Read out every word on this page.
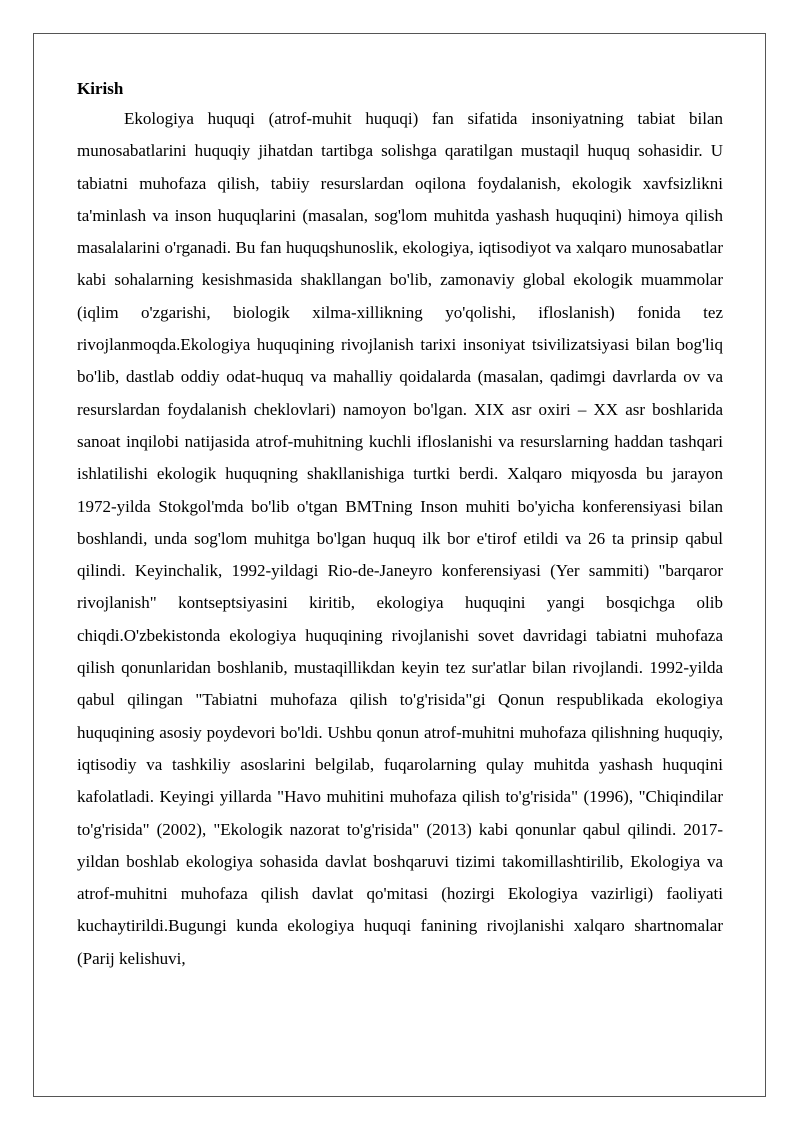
Kirish

Ekologiya huquqi (atrof-muhit huquqi) fan sifatida insoniyatning tabiat bilan munosabatlarini huquqiy jihatdan tartibga solishga qaratilgan mustaqil huquq sohasidir. U tabiatni muhofaza qilish, tabiiy resurslardan oqilona foydalanish, ekologik xavfsizlikni ta'minlash va inson huquqlarini (masalan, sog'lom muhitda yashash huquqini) himoya qilish masalalarini o'rganadi. Bu fan huquqshunoslik, ekologiya, iqtisodiyot va xalqaro munosabatlar kabi sohalarning kesishmasida shakllangan bo'lib, zamonaviy global ekologik muammolar (iqlim o'zgarishi, biologik xilma-xillikning yo'qolishi, ifloslanish) fonida tez rivojlanmoqda.Ekologiya huquqining rivojlanish tarixi insoniyat tsivilizatsiyasi bilan bog'liq bo'lib, dastlab oddiy odat-huquq va mahalliy qoidalarda (masalan, qadimgi davrlarda ov va resurslardan foydalanish cheklovlari) namoyon bo'lgan. XIX asr oxiri – XX asr boshlarida sanoat inqilobi natijasida atrof-muhitning kuchli ifloslanishi va resurslarning haddan tashqari ishlatilishi ekologik huquqning shakllanishiga turtki berdi. Xalqaro miqyosda bu jarayon 1972-yilda Stokgol'mda bo'lib o'tgan BMTning Inson muhiti bo'yicha konferensiyasi bilan boshlandi, unda sog'lom muhitga bo'lgan huquq ilk bor e'tirof etildi va 26 ta prinsip qabul qilindi. Keyinchalik, 1992-yildagi Rio-de-Janeyro konferensiyasi (Yer sammiti) "barqaror rivojlanish" kontseptsiyasini kiritib, ekologiya huquqini yangi bosqichga olib chiqdi.O'zbekistonda ekologiya huquqining rivojlanishi sovet davridagi tabiatni muhofaza qilish qonunlaridan boshlanib, mustaqillikdan keyin tez sur'atlar bilan rivojlandi. 1992-yilda qabul qilingan "Tabiatni muhofaza qilish to'g'risida"gi Qonun respublikada ekologiya huquqining asosiy poydevori bo'ldi. Ushbu qonun atrof-muhitni muhofaza qilishning huquqiy, iqtisodiy va tashkiliy asoslarini belgilab, fuqarolarning qulay muhitda yashash huquqini kafolatladi. Keyingi yillarda "Havo muhitini muhofaza qilish to'g'risida" (1996), "Chiqindilar to'g'risida" (2002), "Ekologik nazorat to'g'risida" (2013) kabi qonunlar qabul qilindi. 2017-yildan boshlab ekologiya sohasida davlat boshqaruvi tizimi takomillashtirilib, Ekologiya va atrof-muhitni muhofaza qilish davlat qo'mitasi (hozirgi Ekologiya vazirligi) faoliyati kuchaytirildi.Bugungi kunda ekologiya huquqi fanining rivojlanishi xalqaro shartnomalar (Parij kelishuvi,
